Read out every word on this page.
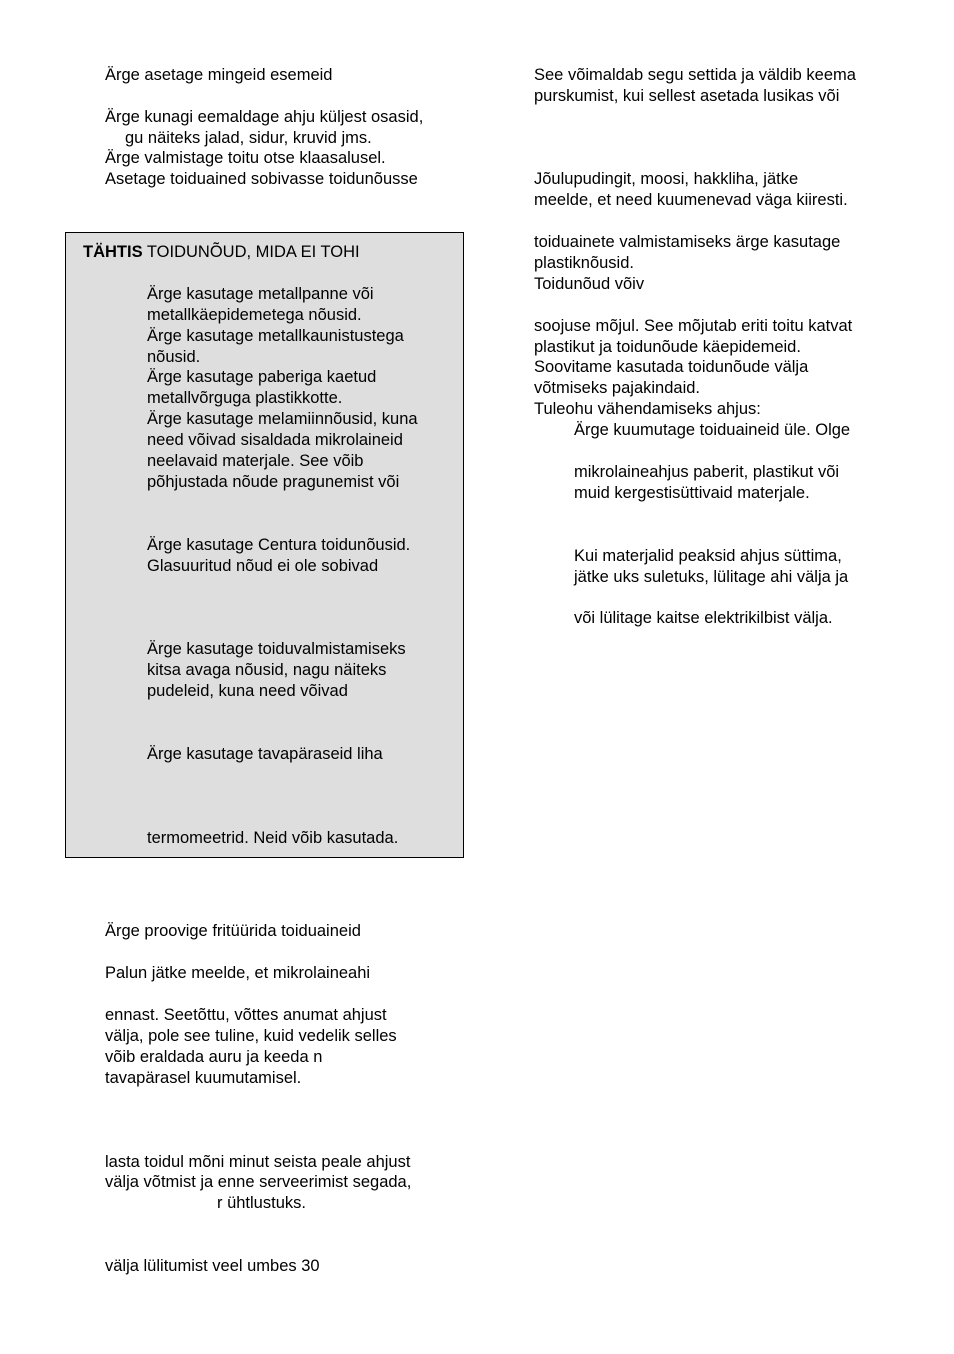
Ärge asetage mingeid esemeid
Ärge kunagi eemaldage ahju küljest osasid,
gu näiteks jalad, sidur, kruvid jms.
Ärge valmistage toitu otse klaasalusel.
Asetage toiduained sobivasse toidunõusse
TÄHTIS TOIDUNÕUD, MIDA EI TOHI
Ärge kasutage metallpanne või
metallkäepidemetega nõusid.
Ärge kasutage metallkaunistustega
nõusid.
Ärge kasutage paberiga kaetud
metallvõrguga plastikkotte.
Ärge kasutage melamiinnõusid, kuna
need võivad sisaldada mikrolaineid
neelavaid materjale. See võib
põhjustada nõude pragunemist või
Ärge kasutage Centura toidunõusid.
Glasuuritud nõud ei ole sobivad
Ärge kasutage toiduvalmistamiseks
kitsa avaga nõusid, nagu näiteks
pudeleid, kuna need võivad
Ärge kasutage tavapäraseid liha
termomeetrid. Neid võib kasutada.
Ärge proovige fritüürida toiduaineid
Palun jätke meelde, et mikrolaineahi
ennast. Seetõttu, võttes anumat ahjust
välja, pole see tuline, kuid vedelik selles
võib eraldada auru ja keeda n
tavapärasel kuumutamisel.
lasta toidul mõni minut seista peale ahjust
välja võtmist ja enne serveerimist segada,
r ühtlustuks.
välja lülitumist veel umbes 30
See võimaldab segu settida ja väldib keema
purskumist, kui sellest asetada lusikas või
Jõulupudingit, moosi, hakkliha, jätke
meelde, et need kuumenevad väga kiiresti.
toiduainete valmistamiseks ärge kasutage
plastiknõusid.
Toidunõud võiv
soojuse mõjul. See mõjutab eriti toitu katvat
plastikut ja toidunõude käepidemeid.
Soovitame kasutada toidunõude välja
võtmiseks pajakindaid.
Tuleohu vähendamiseks ahjus:
Ärge kuumutage toiduaineid üle. Olge
mikrolaineahjus paberit, plastikut või
muid kergestisüttivaid materjale.
Kui materjalid peaksid ahjus süttima,
jätke uks suletuks, lülitage ahi välja ja
või lülitage kaitse elektrikilbist välja.
